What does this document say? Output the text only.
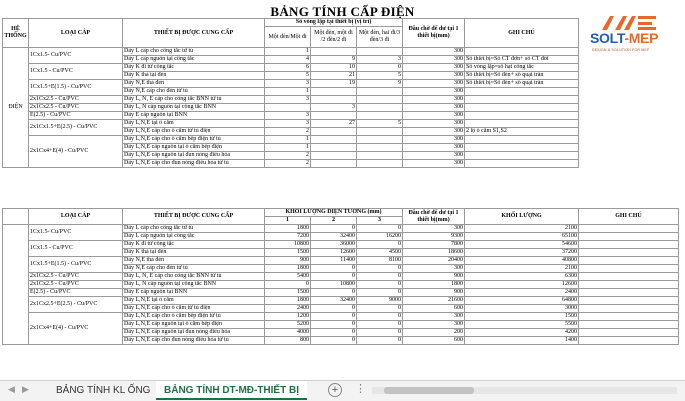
BẢNG TÍNH CẤP ĐIỆN
SOLT-MEP
DESIGN & SOLUTION FOR MEP
HỆ THỐNG	LOẠI CÁP	THIẾT BỊ ĐƯỢC CUNG CẤP	Số vòng lặp tại thiết bị (vị trí)			Đầu chờ để dư tại 1 thiết bị(mm)	GHI CHÚ
			Một đèn/Một đi	Một đèn, một đi /2 đèn/2 đi	Một đèn, hai đi/3 đèn/3 đi		
ĐIỆN	1Cx1.5- Cu/PVC	Dây L cấp cho công tắc từ tủ	1			300	
		Dây L cấp nguồn tại công tắc	4	9	3	300	Số thiết bị=Số CT đơn+ số CT đôi
	1Cx1.5 - Cu/PVC	Dây K đi từ công tắc	6	10	0	300	Số vòng lặp=số hạt công tắc
		Dây K thả tại đèn	5	21	5	300	Số thiết bị=Số đèn+ số quạt trần
	1Cx1.5+E(1.5) - Cu/PVC	Dây N,E thả đèn	3	19	9	300	Số thiết bị=Số đèn+ số quạt trần
		Dây N,E cấp cho đèn từ tủ	1			300	
	2x1Cx2.5 - Cu/PVC	Dây L, N, E cấp cho công tắc BNN từ tủ	3			300	
	2x1Cx2.5 - Cu/PVC	Dây L, N cấp nguồn tại công tắc BNN		3		300	
	E(2.5) - Cu/PVC	Dây E cấp nguồn tại BNN	3			300	
	2x1Cx1.5+E(2.5) - Cu/PVC	Dây L,N,E tại ổ cắm	3	27	5	300	
		Dây L,N,E cấp cho ổ cắm từ tủ điện	2			300	2 lộ ổ cắm S1,S2
	2x1Cx4+E(4) - Cu/PVC	Dây L,N,E cấp cho ổ cắm bếp điện từ tủ	1			300	
		Dây L,N,E cấp nguồn tại ổ cắm bếp điện	1			300	
		Dây L,N,E cấp nguồn tại đun nóng điều hòa	2			300	
		Dây L,N,E cấp cho đun nóng điều hòa từ tủ	2			300	
	LOẠI CÁP	THIẾT BỊ ĐƯỢC CUNG CẤP	KHỐI LƯỢNG DIỆN TƯƠNG (mm)			Đầu chờ để dư tại 1 thiết bị(mm)	KHỐI LƯỢNG	GHI CHÚ
			1	2	3			
	1Cx1.5- Cu/PVC	Dây L cấp cho công tắc từ tủ	1800	0	0	300	2100	
		Dây L cấp nguồn tại công tắc	7200	32400	16200	9300	65100	
	1Cx1.5 - Cu/PVC	Dây K đi từ công tắc	10800	36000	0	7800	54600	
		Dây K thả tại đèn	1500	12600	4500	18600	37200	
	1Cx1.5+E(1.5) - Cu/PVC	Dây N,E thả đèn	900	11400	8100	20400	40800	
		Dây N,E cấp cho đèn từ tủ	1800	0	0	300	2100	
	2x1Cx2.5 - Cu/PVC	Dây L, N, E cấp cho công tắc BNN từ tủ	5400	0	0	900	6300	
	2x1Cx2.5 - Cu/PVC	Dây L, N cấp nguồn tại công tắc BNN	0	10800	0	1800	12600	
	E(2.5) - Cu/PVC	Dây E cấp nguồn tại BNN	1500	0	0	900	2400	
	2x1Cx2.5+E(2.5) - Cu/PVC	Dây L,N,E tại ổ cắm	1800	32400	9000	21600	64800	
		Dây L,N,E cấp cho ổ cắm từ tủ điện	2400	0	0	600	3000	
	2x1Cx4+E(4) - Cu/PVC	Dây L,N,E cấp cho ổ cắm bếp điện từ tủ	1200	0	0	300	1500	
		Dây L,N,E cấp nguồn tại ổ cắm bếp điện	5200	0	0	300	5500	
		Dây L,N,E cấp nguồn tại đun nóng điều hòa	4000	0	0	200	4200	
		Dây L,N,E cấp cho đun nóng điều hòa từ tủ	800	0	0	600	1400	
◀ ▶	BẢNG TÍNH KL ỐNG	BẢNG TÍNH DT-MĐ-THIẾT BỊ	+	⋮
